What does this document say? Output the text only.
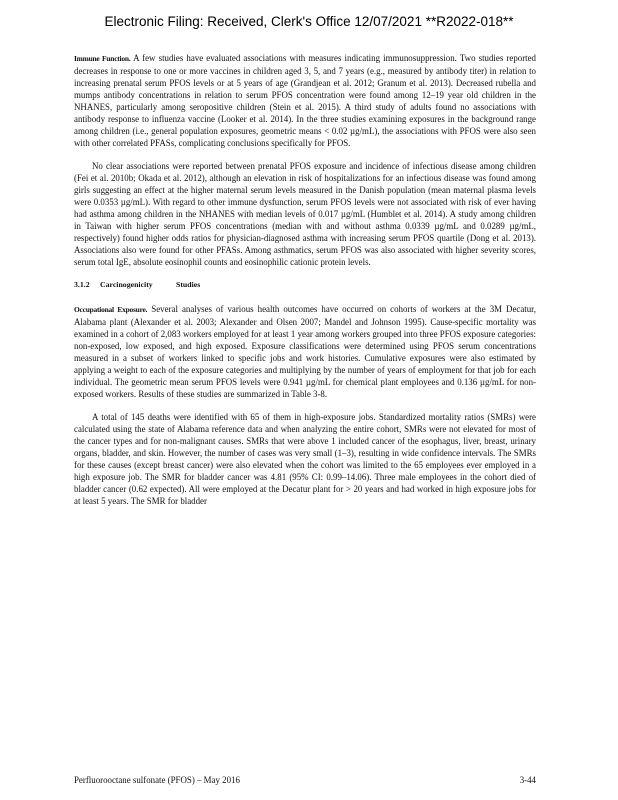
Electronic Filing: Received, Clerk's Office 12/07/2021 **R2022-018**

Immune Function. A few studies have evaluated associations with measures indicating immunosuppression. Two studies reported decreases in response to one or more vaccines in children aged 3, 5, and 7 years (e.g., measured by antibody titer) in relation to increasing prenatal serum PFOS levels or at 5 years of age (Grandjean et al. 2012; Granum et al. 2013). Decreased rubella and mumps antibody concentrations in relation to serum PFOS concentration were found among 12–19 year old children in the NHANES, particularly among seropositive children (Stein et al. 2015). A third study of adults found no associations with antibody response to influenza vaccine (Looker et al. 2014). In the three studies examining exposures in the background range among children (i.e., general population exposures, geometric means < 0.02 µg/mL), the associations with PFOS were also seen with other correlated PFASs, complicating conclusions specifically for PFOS.

No clear associations were reported between prenatal PFOS exposure and incidence of infectious disease among children (Fei et al. 2010b; Okada et al. 2012), although an elevation in risk of hospitalizations for an infectious disease was found among girls suggesting an effect at the higher maternal serum levels measured in the Danish population (mean maternal plasma levels were 0.0353 µg/mL). With regard to other immune dysfunction, serum PFOS levels were not associated with risk of ever having had asthma among children in the NHANES with median levels of 0.017 µg/mL (Humblet et al. 2014). A study among children in Taiwan with higher serum PFOS concentrations (median with and without asthma 0.0339 µg/mL and 0.0289 µg/mL, respectively) found higher odds ratios for physician-diagnosed asthma with increasing serum PFOS quartile (Dong et al. 2013). Associations also were found for other PFASs. Among asthmatics, serum PFOS was also associated with higher severity scores, serum total IgE, absolute eosinophil counts and eosinophilic cationic protein levels.

3.1.2 Carcinogenicity	Studies

Occupational Exposure. Several analyses of various health outcomes have occurred on cohorts of workers at the 3M Decatur, Alabama plant (Alexander et al. 2003; Alexander and Olsen 2007; Mandel and Johnson 1995). Cause-specific mortality was examined in a cohort of 2,083 workers employed for at least 1 year among workers grouped into three PFOS exposure categories: non-exposed, low exposed, and high exposed. Exposure classifications were determined using PFOS serum concentrations measured in a subset of workers linked to specific jobs and work histories. Cumulative exposures were also estimated by applying a weight to each of the exposure categories and multiplying by the number of years of employment for that job for each individual. The geometric mean serum PFOS levels were 0.941 µg/mL for chemical plant employees and 0.136 µg/mL for non-exposed workers. Results of these studies are summarized in Table 3-8.

A total of 145 deaths were identified with 65 of them in high-exposure jobs. Standardized mortality ratios (SMRs) were calculated using the state of Alabama reference data and when analyzing the entire cohort, SMRs were not elevated for most of the cancer types and for non-malignant causes. SMRs that were above 1 included cancer of the esophagus, liver, breast, urinary organs, bladder, and skin. However, the number of cases was very small (1–3), resulting in wide confidence intervals. The SMRs for these causes (except breast cancer) were also elevated when the cohort was limited to the 65 employees ever employed in a high exposure job. The SMR for bladder cancer was 4.81 (95% CI: 0.99–14.06). Three male employees in the cohort died of bladder cancer (0.62 expected). All were employed at the Decatur plant for > 20 years and had worked in high exposure jobs for at least 5 years. The SMR for bladder

Perfluorooctane sulfonate (PFOS) – May 2016	3-44
